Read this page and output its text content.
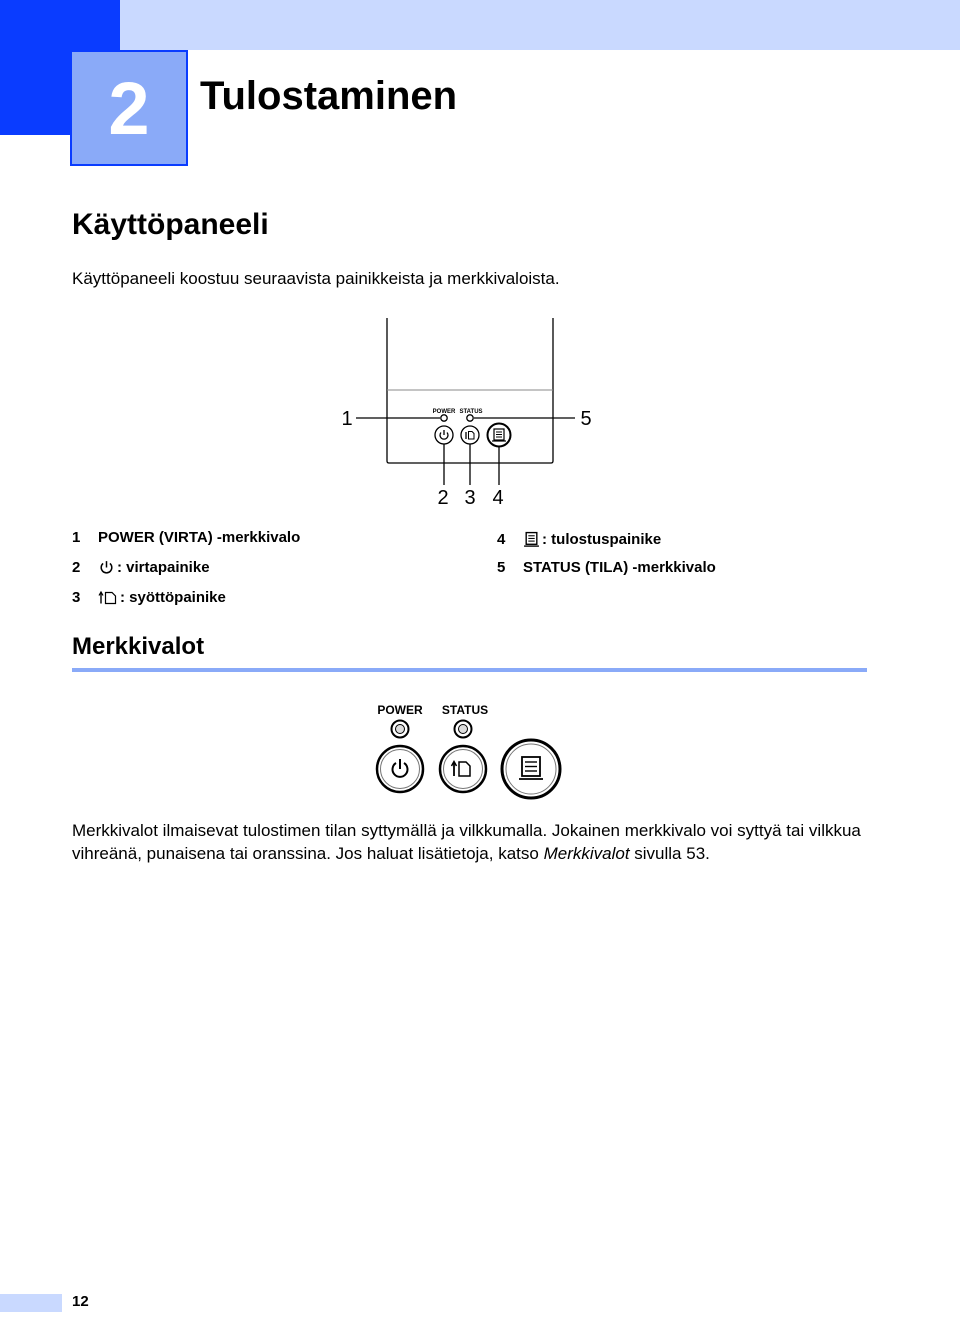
2 Tulostaminen
Käyttöpaneeli
Käyttöpaneeli koostuu seuraavista painikkeista ja merkkivaloista.
1	5
2 3 4
POWER STATUS
1	POWER (VIRTA) -merkkivalo
2	: virtapainike
3	: syöttöpainike
4	: tulostuspainike
5	STATUS (TILA) -merkkivalo
Merkkivalot
POWER STATUS
Merkkivalot ilmaisevat tulostimen tilan syttymällä ja vilkkumalla. Jokainen merkkivalo voi syttyä tai vilkkua vihreänä, punaisena tai oranssina. Jos haluat lisätietoja, katso Merkkivalot sivulla 53.
12
